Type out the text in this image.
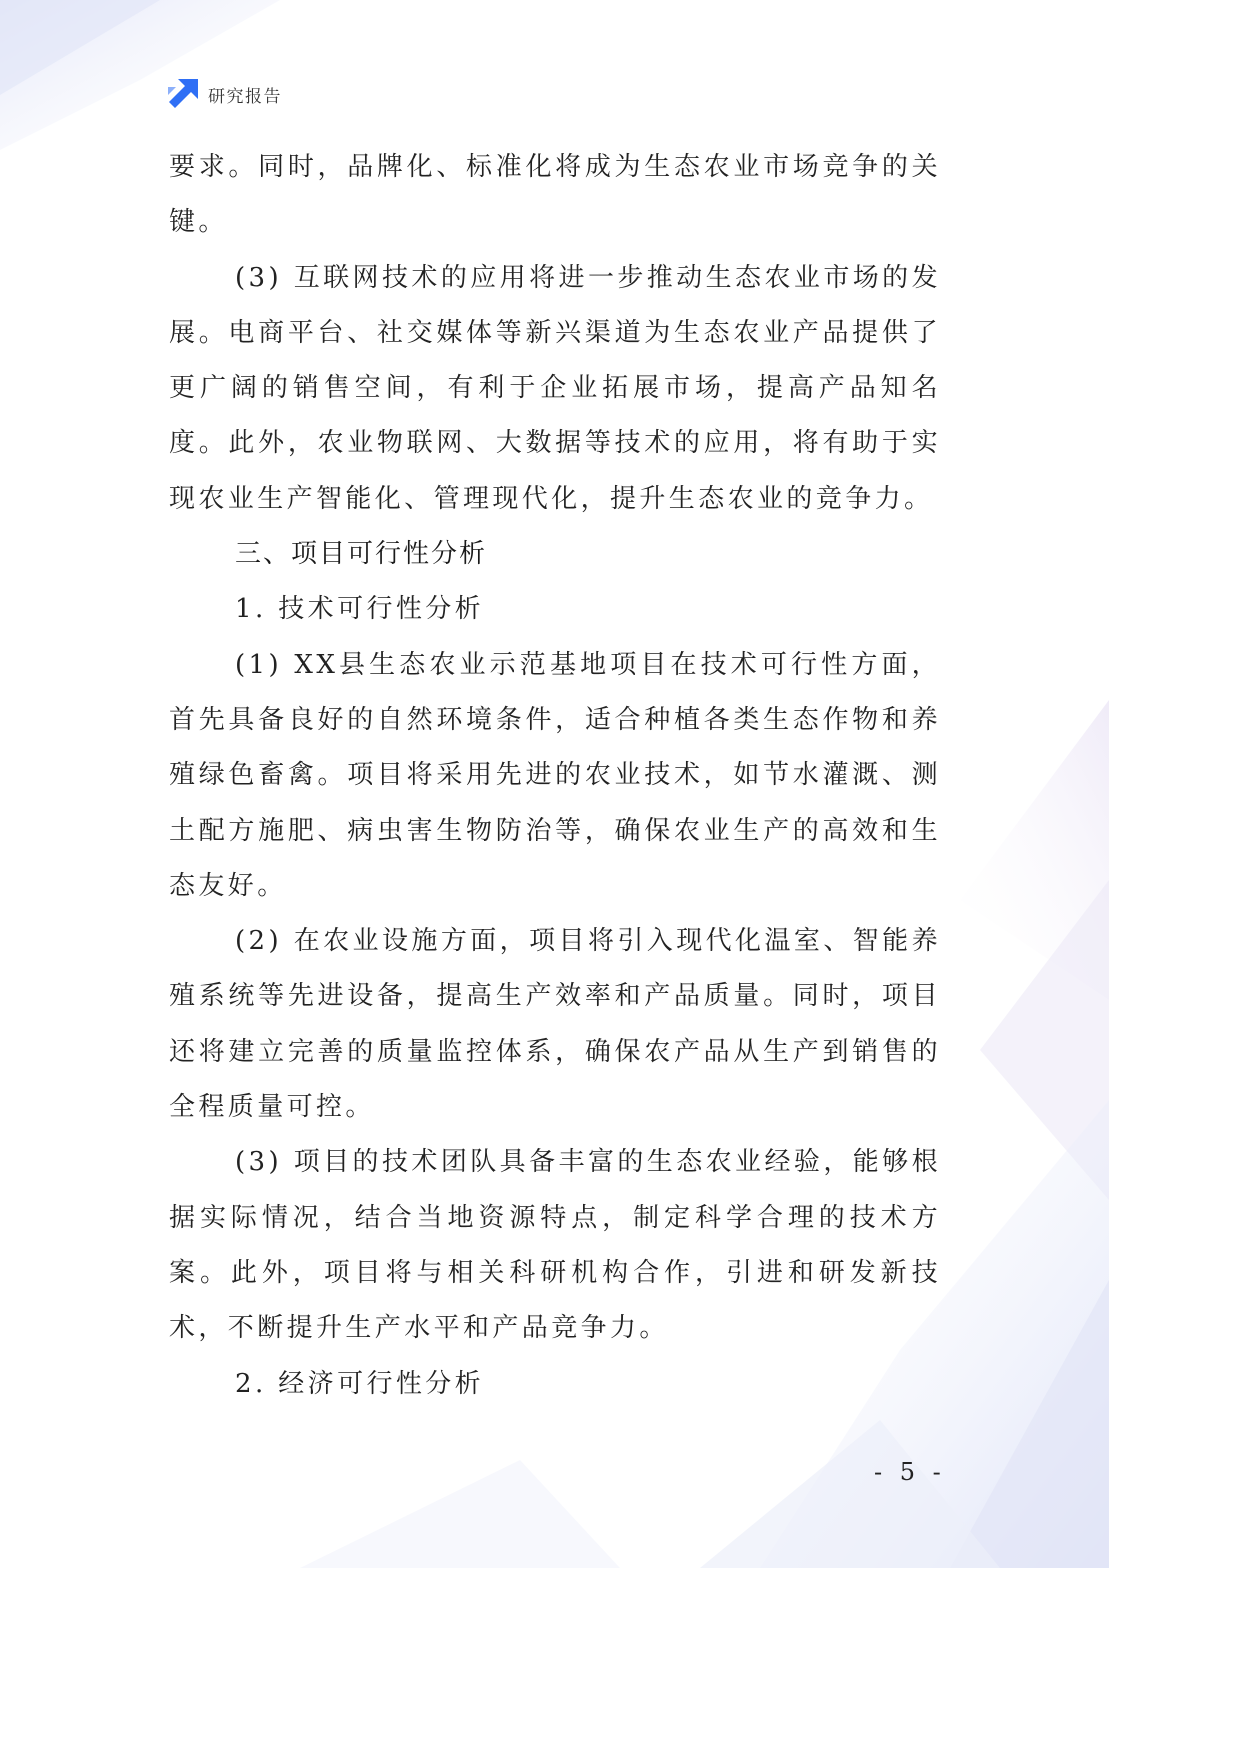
研究报告

要求。同时，品牌化、标准化将成为生态农业市场竞争的关键。

(3) 互联网技术的应用将进一步推动生态农业市场的发展。电商平台、社交媒体等新兴渠道为生态农业产品提供了更广阔的销售空间，有利于企业拓展市场，提高产品知名度。此外，农业物联网、大数据等技术的应用，将有助于实现农业生产智能化、管理现代化，提升生态农业的竞争力。

三、项目可行性分析

1. 技术可行性分析

(1) XX县生态农业示范基地项目在技术可行性方面，首先具备良好的自然环境条件，适合种植各类生态作物和养殖绿色畜禽。项目将采用先进的农业技术，如节水灌溉、测土配方施肥、病虫害生物防治等，确保农业生产的高效和生态友好。

(2) 在农业设施方面，项目将引入现代化温室、智能养殖系统等先进设备，提高生产效率和产品质量。同时，项目还将建立完善的质量监控体系，确保农产品从生产到销售的全程质量可控。

(3) 项目的技术团队具备丰富的生态农业经验，能够根据实际情况，结合当地资源特点，制定科学合理的技术方案。此外，项目将与相关科研机构合作，引进和研发新技术，不断提升生产水平和产品竞争力。

2. 经济可行性分析

- 5 -
